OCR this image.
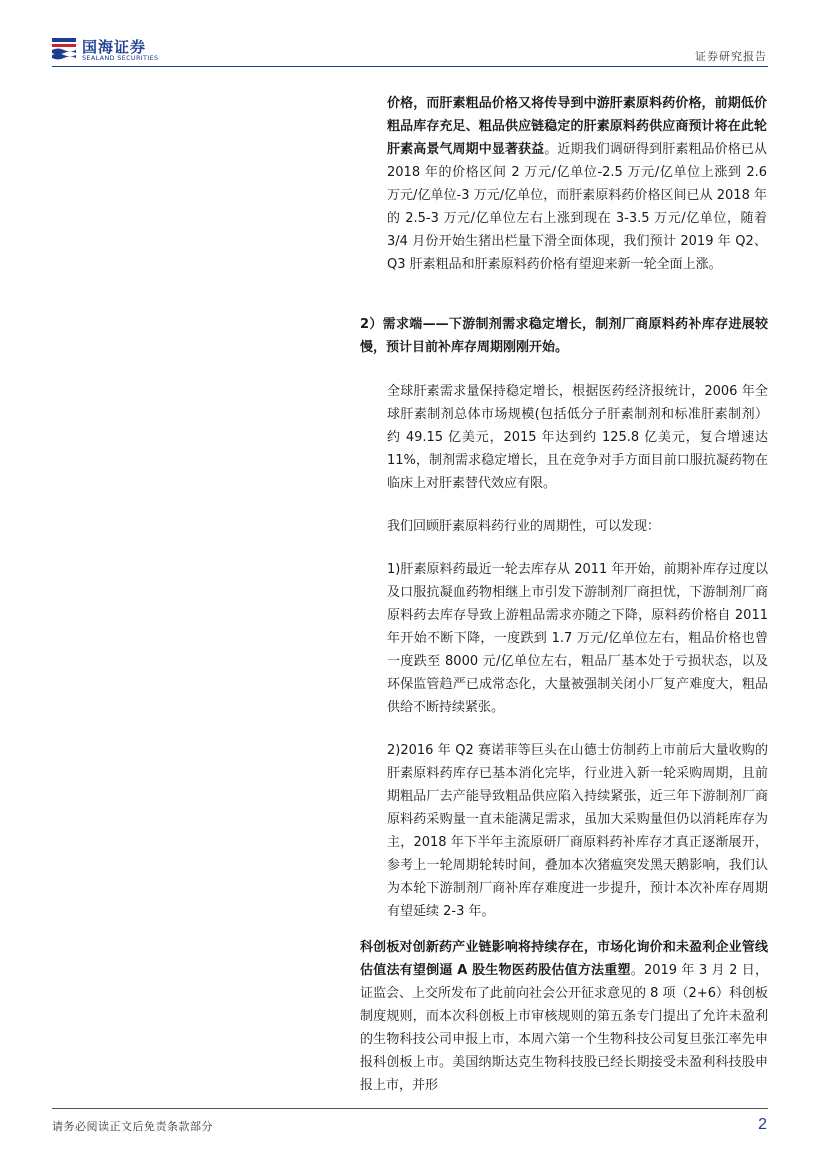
国海证券
SEALAND SECURITIES	证券研究报告

价格，而肝素粗品价格又将传导到中游肝素原料药价格，前期低价粗品库存充足、粗品供应链稳定的肝素原料药供应商预计将在此轮肝素高景气周期中显著获益。近期我们调研得到肝素粗品价格已从 2018 年的价格区间 2 万元/亿单位-2.5 万元/亿单位上涨到 2.6 万元/亿单位-3 万元/亿单位，而肝素原料药价格区间已从 2018 年的 2.5-3 万元/亿单位左右上涨到现在 3-3.5 万元/亿单位，随着 3/4 月份开始生猪出栏量下滑全面体现，我们预计 2019 年 Q2、Q3 肝素粗品和肝素原料药价格有望迎来新一轮全面上涨。

2）需求端——下游制剂需求稳定增长，制剂厂商原料药补库存进展较慢，预计目前补库存周期刚刚开始。

全球肝素需求量保持稳定增长，根据医药经济报统计，2006 年全球肝素制剂总体市场规模(包括低分子肝素制剂和标准肝素制剂）约 49.15 亿美元，2015 年达到约 125.8 亿美元，复合增速达 11%，制剂需求稳定增长，且在竞争对手方面目前口服抗凝药物在临床上对肝素替代效应有限。

我们回顾肝素原料药行业的周期性，可以发现：

1)肝素原料药最近一轮去库存从 2011 年开始，前期补库存过度以及口服抗凝血药物相继上市引发下游制剂厂商担忧，下游制剂厂商原料药去库存导致上游粗品需求亦随之下降，原料药价格自 2011 年开始不断下降，一度跌到 1.7 万元/亿单位左右，粗品价格也曾一度跌至 8000 元/亿单位左右，粗品厂基本处于亏损状态，以及环保监管趋严已成常态化，大量被强制关闭小厂复产难度大，粗品供给不断持续紧张。

2)2016 年 Q2 赛诺菲等巨头在山德士仿制药上市前后大量收购的肝素原料药库存已基本消化完毕，行业进入新一轮采购周期，且前期粗品厂去产能导致粗品供应陷入持续紧张，近三年下游制剂厂商原料药采购量一直未能满足需求，虽加大采购量但仍以消耗库存为主，2018 年下半年主流原研厂商原料药补库存才真正逐渐展开，参考上一轮周期轮转时间，叠加本次猪瘟突发黑天鹅影响，我们认为本轮下游制剂厂商补库存难度进一步提升，预计本次补库存周期有望延续 2-3 年。

科创板对创新药产业链影响将持续存在，市场化询价和未盈利企业管线估值法有望倒逼 A 股生物医药股估值方法重塑。2019 年 3 月 2 日，证监会、上交所发布了此前向社会公开征求意见的 8 项（2+6）科创板制度规则，而本次科创板上市审核规则的第五条专门提出了允许未盈利的生物科技公司申报上市，本周六第一个生物科技公司复旦张江率先申报科创板上市。美国纳斯达克生物科技股已经长期接受未盈利科技股申报上市，并形

请务必阅读正文后免责条款部分	2
